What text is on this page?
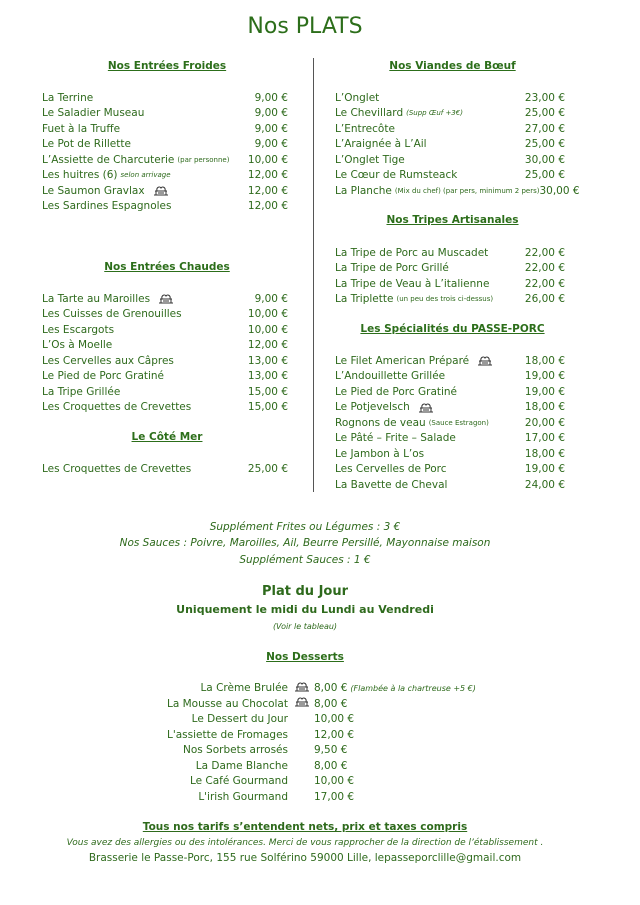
Nos PLATS
Nos Entrées Froides
La Terrine	9,00 €
Le Saladier Museau	9,00 €
Fuet à la Truffe	9,00 €
Le Pot de Rillette	9,00 €
L’Assiette de Charcuterie (par personne) 10,00 €
Les huitres (6) selon arrivage	12,00 €
Le Saumon Gravlax	12,00 €
Les Sardines Espagnoles	12,00 €
Nos Entrées Chaudes
La Tarte au Maroilles	9,00 €
Les Cuisses de Grenouilles	10,00 €
Les Escargots	10,00 €
L’Os à Moelle	12,00 €
Les Cervelles aux Câpres	13,00 €
Le Pied de Porc Gratiné	13,00 €
La Tripe Grillée	15,00 €
Les Croquettes de Crevettes	15,00 €
Le Côté Mer
Les Croquettes de Crevettes	25,00 €
Nos Viandes de Bœuf
L’Onglet	23,00 €
Le Chevillard (Supp Œuf +3€)	25,00 €
L’Entrecôte	27,00 €
L’Araignée à L’Ail	25,00 €
L’Onglet Tige	30,00 €
Le Cœur de Rumsteack	25,00 €
La Planche (Mix du chef) (par pers, minimum 2 pers) 30,00 €
Nos Tripes Artisanales
La Tripe de Porc au Muscadet	22,00 €
La Tripe de Porc Grillé	22,00 €
La Tripe de Veau à L’italienne	22,00 €
La Triplette (un peu des trois ci-dessus)	26,00 €
Les Spécialités du PASSE-PORC
Le Filet American Préparé	18,00 €
L’Andouillette Grillée	19,00 €
Le Pied de Porc Gratiné	19,00 €
Le Potjevelsch	18,00 €
Rognons de veau (Sauce Estragon)	20,00 €
Le Pâté – Frite – Salade	17,00 €
Le Jambon à L’os	18,00 €
Les Cervelles de Porc	19,00 €
La Bavette de Cheval	24,00 €
Supplément Frites ou Légumes : 3 €
Nos Sauces : Poivre, Maroilles, Ail, Beurre Persillé, Mayonnaise maison
Supplément Sauces : 1 €
Plat du Jour
Uniquement le midi du Lundi au Vendredi
(Voir le tableau)
Nos Desserts
La Crème Brulée 8,00 € (Flambée à la chartreuse +5 €)
La Mousse au Chocolat 8,00 €
Le Dessert du Jour 10,00 €
L'assiette de Fromages 12,00 €
Nos Sorbets arrosés 9,50 €
La Dame Blanche 8,00 €
Le Café Gourmand 10,00 €
L'irish Gourmand 17,00 €
Tous nos tarifs s’entendent nets, prix et taxes compris
Vous avez des allergies ou des intolérances. Merci de vous rapprocher de la direction de l’établissement .
Brasserie le Passe-Porc, 155 rue Solférino 59000 Lille, lepasseporclille@gmail.com
